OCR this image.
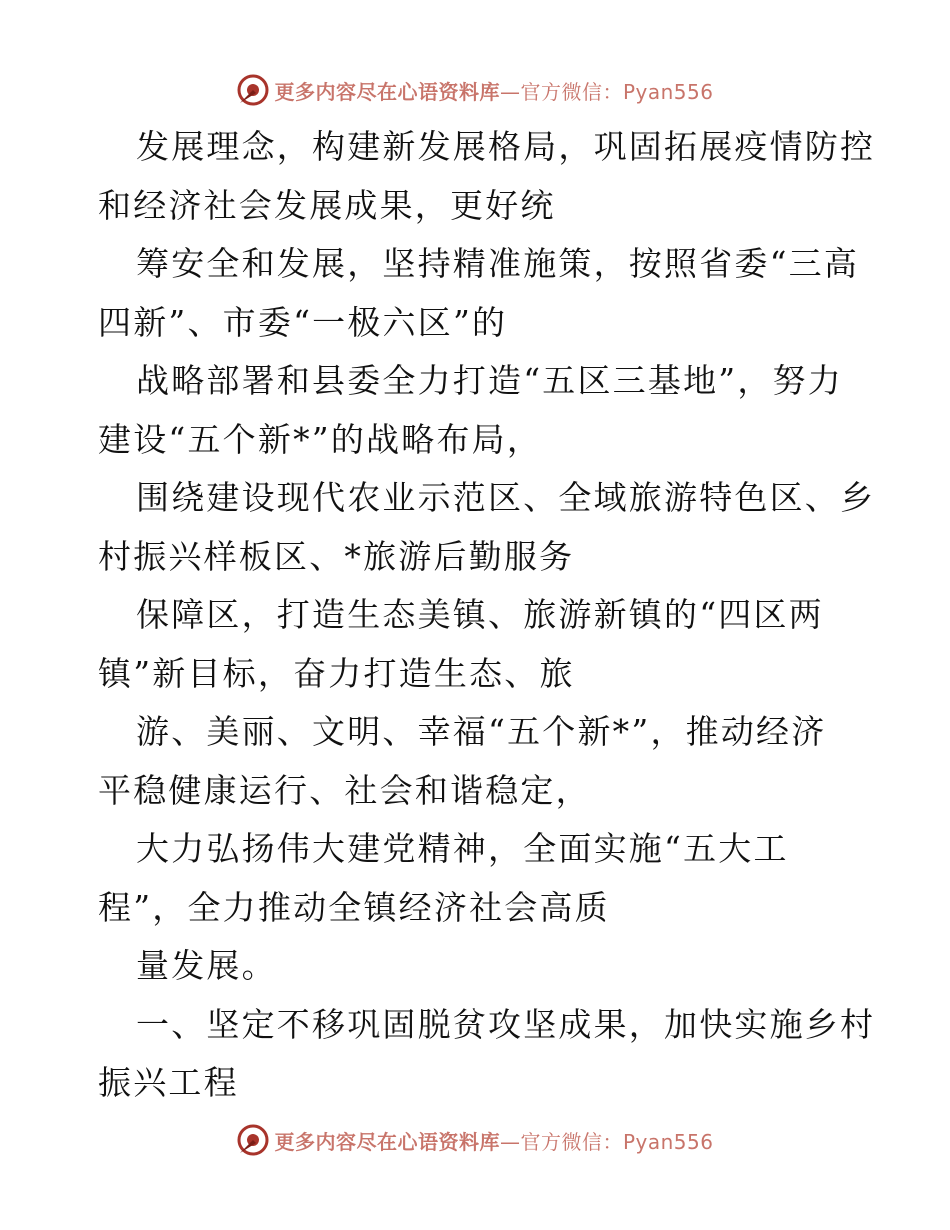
更多内容尽在心语资料库—官方微信：Pyan556
发展理念，构建新发展格局，巩固拓展疫情防控
和经济社会发展成果，更好统
筹安全和发展，坚持精准施策，按照省委“三高
四新”、市委“一极六区”的
战略部署和县委全力打造“五区三基地”，努力
建设“五个新*”的战略布局，
围绕建设现代农业示范区、全域旅游特色区、乡
村振兴样板区、*旅游后勤服务
保障区，打造生态美镇、旅游新镇的“四区两
镇”新目标，奋力打造生态、旅
游、美丽、文明、幸福“五个新*”，推动经济
平稳健康运行、社会和谐稳定，
大力弘扬伟大建党精神，全面实施“五大工
程”，全力推动全镇经济社会高质
量发展。
一、坚定不移巩固脱贫攻坚成果，加快实施乡村
振兴工程
更多内容尽在心语资料库—官方微信：Pyan556
